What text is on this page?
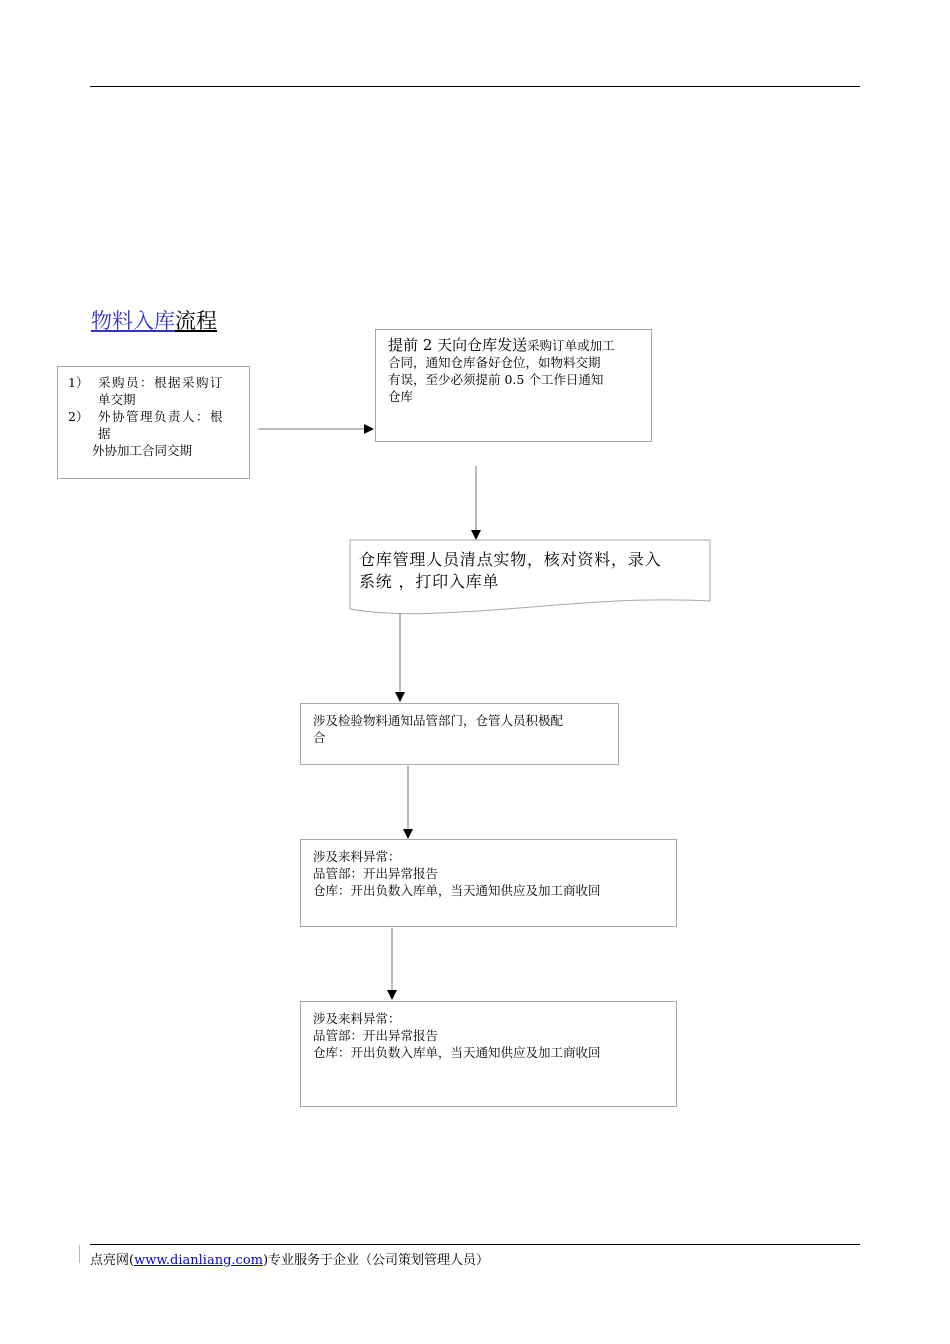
物料入库流程
1） 采购员：根据采购订
单交期
2） 外协管理负责人：根
据
外协加工合同交期
提前 2 天向仓库发送采购订单或加工
合同，通知仓库备好仓位，如物料交期
有误，至少必须提前 0.5 个工作日通知
仓库
仓库管理人员清点实物，核对资料，录入
系统 ，打印入库单
涉及检验物料通知品管部门，仓管人员积极配
合
涉及来料异常：
品管部：开出异常报告
仓库：开出负数入库单，当天通知供应及加工商收回
涉及来料异常：
品管部：开出异常报告
仓库：开出负数入库单，当天通知供应及加工商收回
点亮网(www.dianliang.com)专业服务于企业（公司策划管理人员）
